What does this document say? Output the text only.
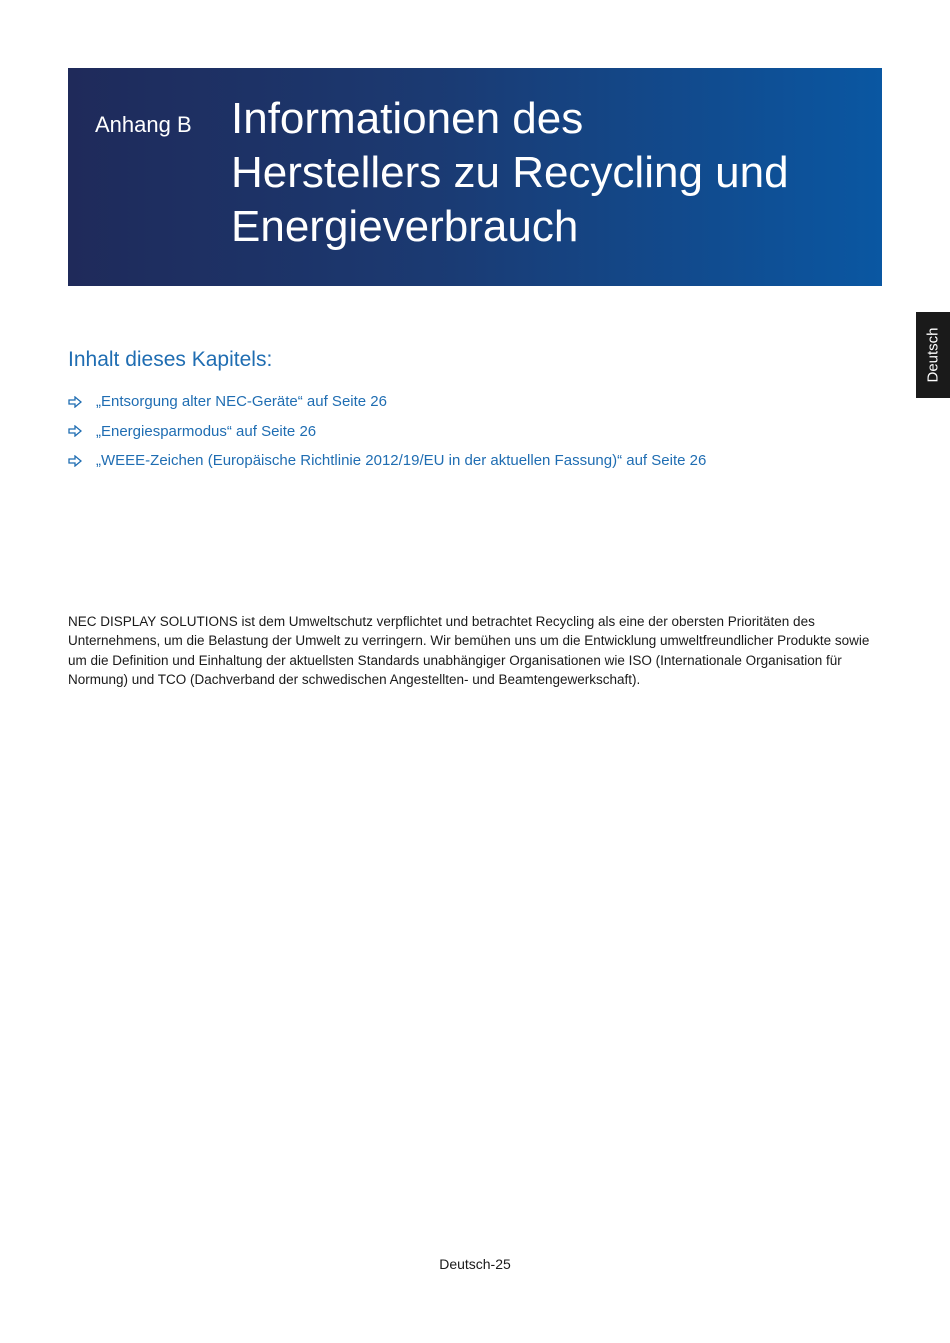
Anhang B Informationen des
Herstellers zu Recycling und
Energieverbrauch
Deutsch
Inhalt dieses Kapitels:
„Entsorgung alter NEC-Geräte“ auf Seite 26
„Energiesparmodus“ auf Seite 26
„WEEE-Zeichen (Europäische Richtlinie 2012/19/EU in der aktuellen Fassung)“ auf Seite 26

NEC DISPLAY SOLUTIONS ist dem Umweltschutz verpflichtet und betrachtet Recycling als eine der obersten Prioritäten des Unternehmens, um die Belastung der Umwelt zu verringern. Wir bemühen uns um die Entwicklung umweltfreundlicher Produkte sowie um die Definition und Einhaltung der aktuellsten Standards unabhängiger Organisationen wie ISO (Internationale Organisation für Normung) und TCO (Dachverband der schwedischen Angestellten- und Beamtengewerkschaft).

Deutsch-25
